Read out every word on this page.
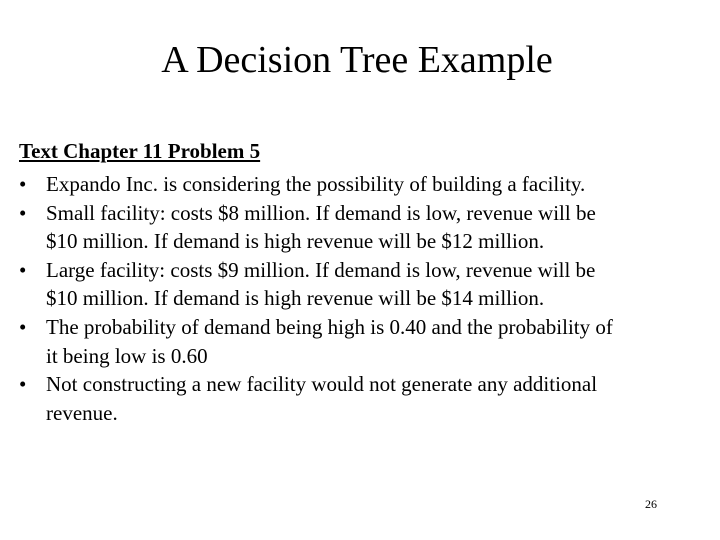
A Decision Tree Example
Text Chapter 11 Problem 5
• Expando Inc. is considering the possibility of building a facility.
• Small facility: costs $8 million. If demand is low, revenue will be
$10 million. If demand is high revenue will be $12 million.
• Large facility: costs $9 million. If demand is low, revenue will be
$10 million. If demand is high revenue will be $14 million.
• The probability of demand being high is 0.40 and the probability of
it being low is 0.60
• Not constructing a new facility would not generate any additional
revenue.
26
